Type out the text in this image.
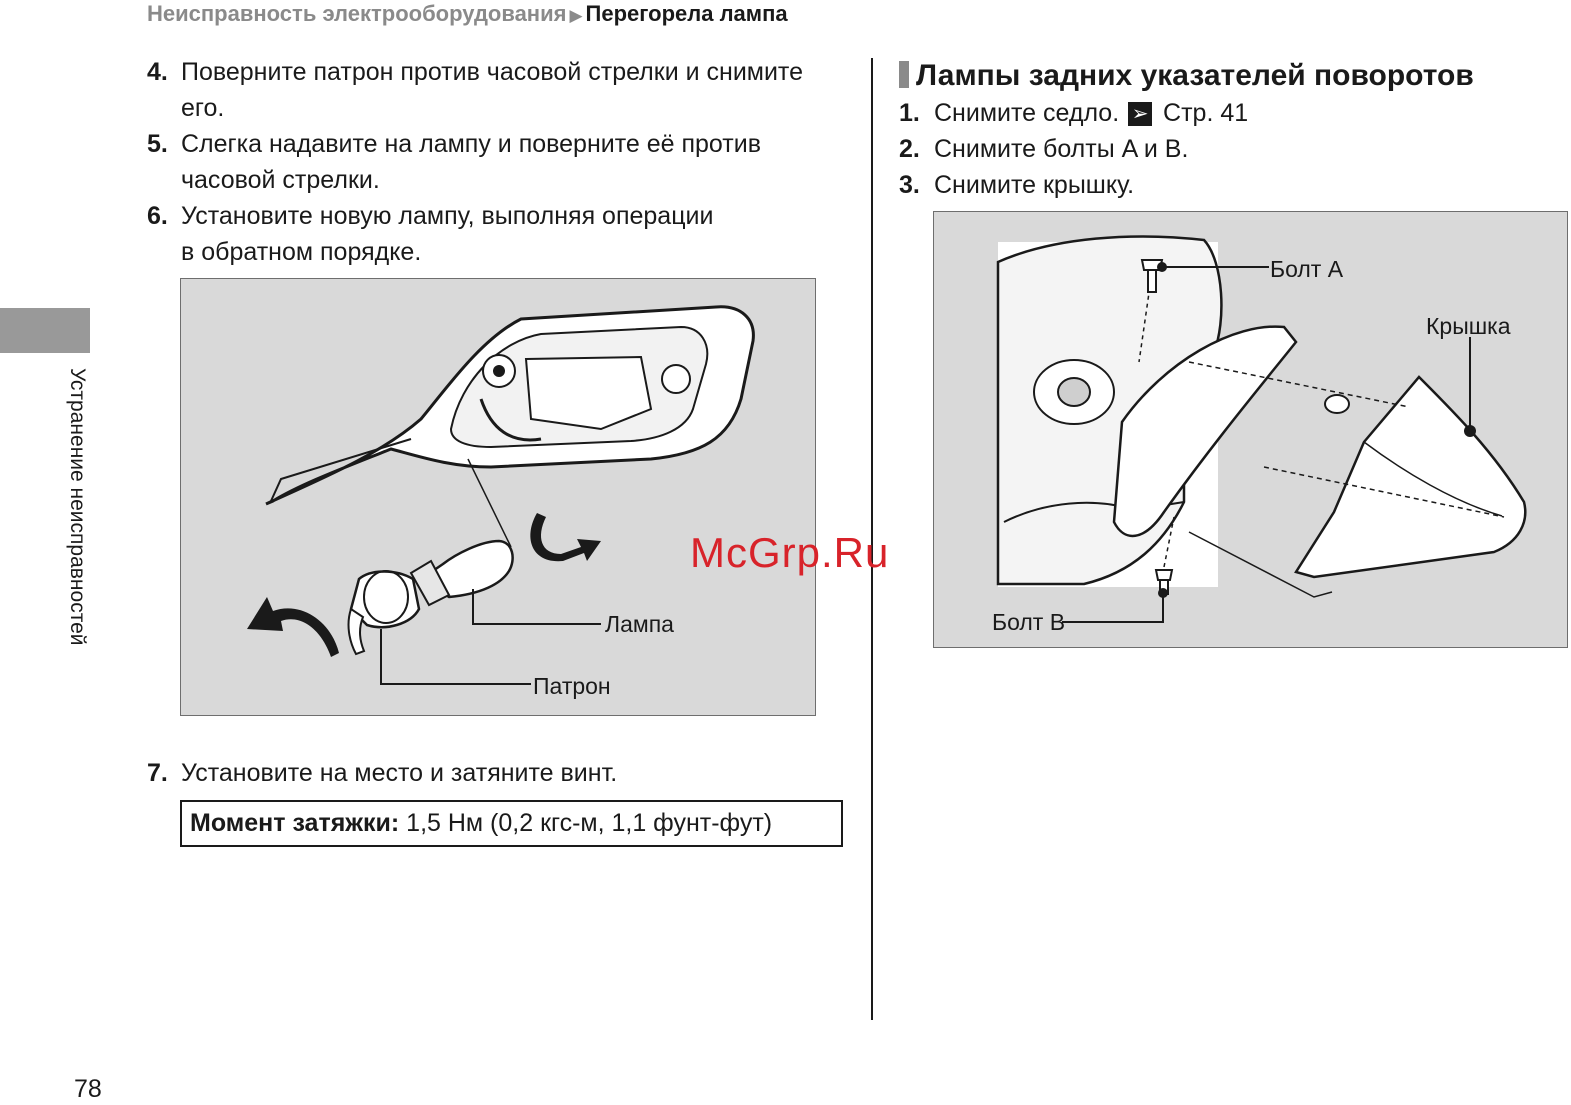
Неисправность электрооборудования ▶ Перегорела лампа
Устранение неисправностей
4. Поверните патрон против часовой стрелки и снимите
его.
5. Слегка надавите на лампу и поверните её против
часовой стрелки.
6. Установите новую лампу, выполняя операции
в обратном порядке.
Лампа
Патрон
7. Установите на место и затяните винт.
Момент затяжки: 1,5 Нм (0,2 кгс-м, 1,1 фунт-фут)
Лампы задних указателей поворотов
1. Снимите седло. ➢ Стр. 41
2. Снимите болты A и B.
3. Снимите крышку.
Болт А
Крышка
Болт B
McGrp.Ru
78
